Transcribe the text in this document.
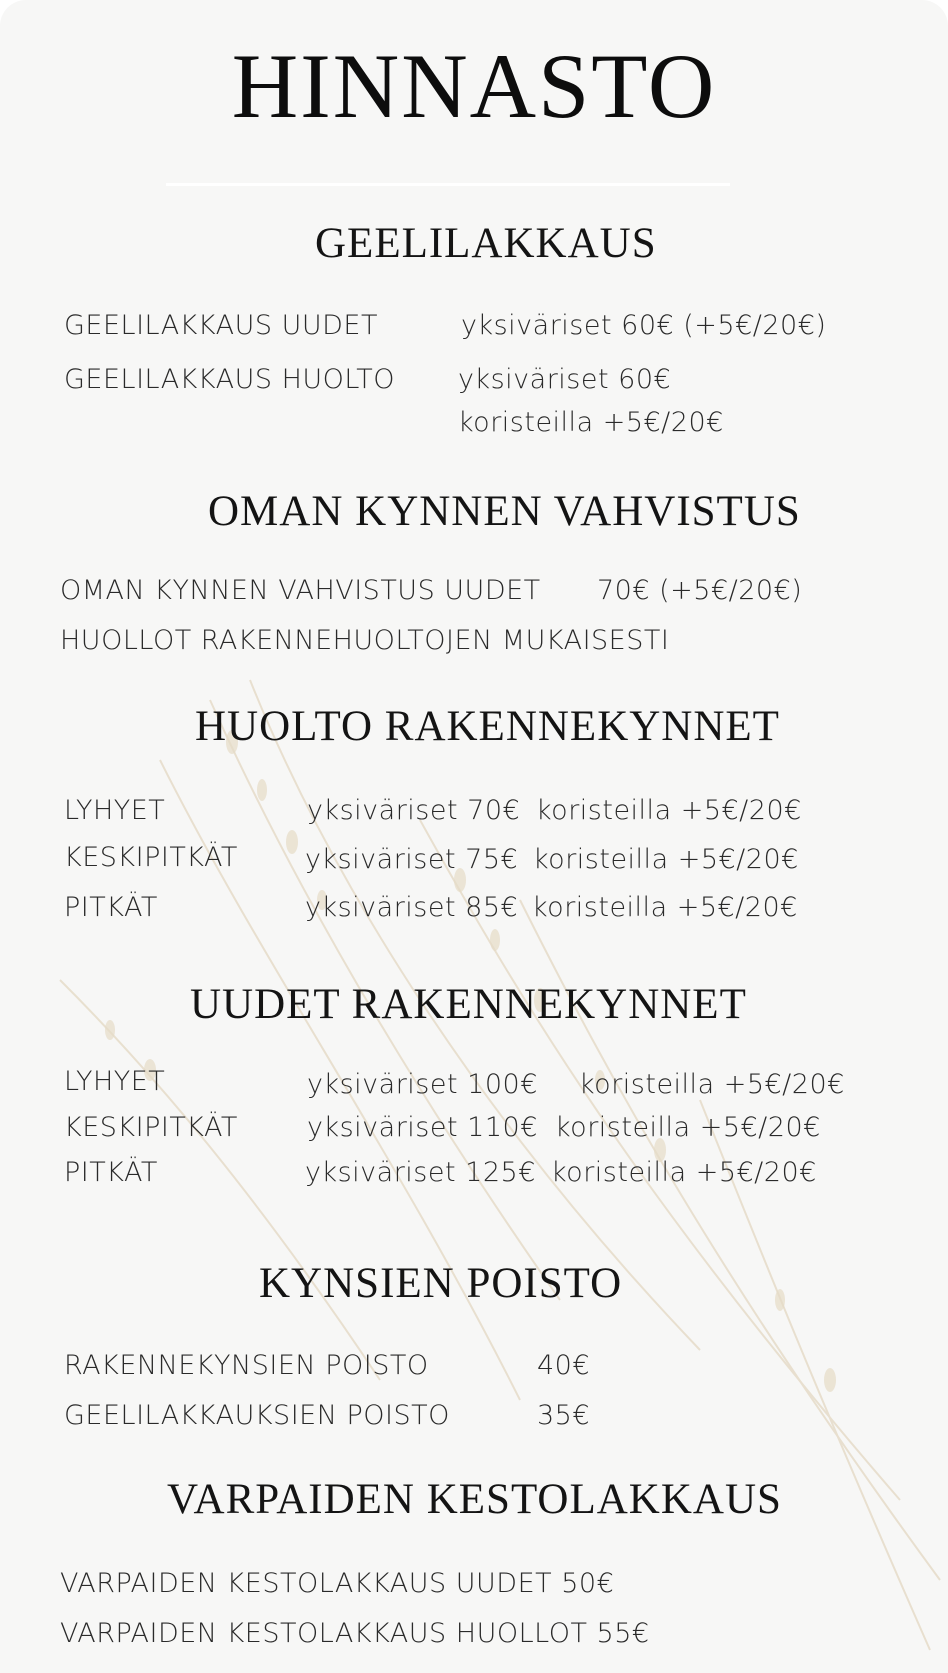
HINNASTO
GEELILAKKAUS
GEELILAKKAUS UUDET	yksiväriset 60€ (+5€/20€)
GEELILAKKAUS HUOLTO yksiväriset 60€
koristeilla +5€/20€
OMAN KYNNEN VAHVISTUS
OMAN KYNNEN VAHVISTUS UUDET 70€ (+5€/20€)
HUOLLOT RAKENNEHUOLTOJEN MUKAISESTI
HUOLTO RAKENNEKYNNET
LYHYET	yksiväriset 70€ koristeilla +5€/20€
KESKIPITKÄT yksiväriset 75€ koristeilla +5€/20€
PITKÄT	yksiväriset 85€ koristeilla +5€/20€
UUDET RAKENNEKYNNET
LYHYET	yksiväriset 100€ koristeilla +5€/20€
KESKIPITKÄT	yksiväriset 110€ koristeilla +5€/20€
PITKÄT	yksiväriset 125€ koristeilla +5€/20€
KYNSIEN POISTO
RAKENNEKYNSIEN POISTO	40€
GEELILAKKAUKSIEN POISTO	35€
VARPAIDEN KESTOLAKKAUS
VARPAIDEN KESTOLAKKAUS UUDET 50€
VARPAIDEN KESTOLAKKAUS HUOLLOT 55€
